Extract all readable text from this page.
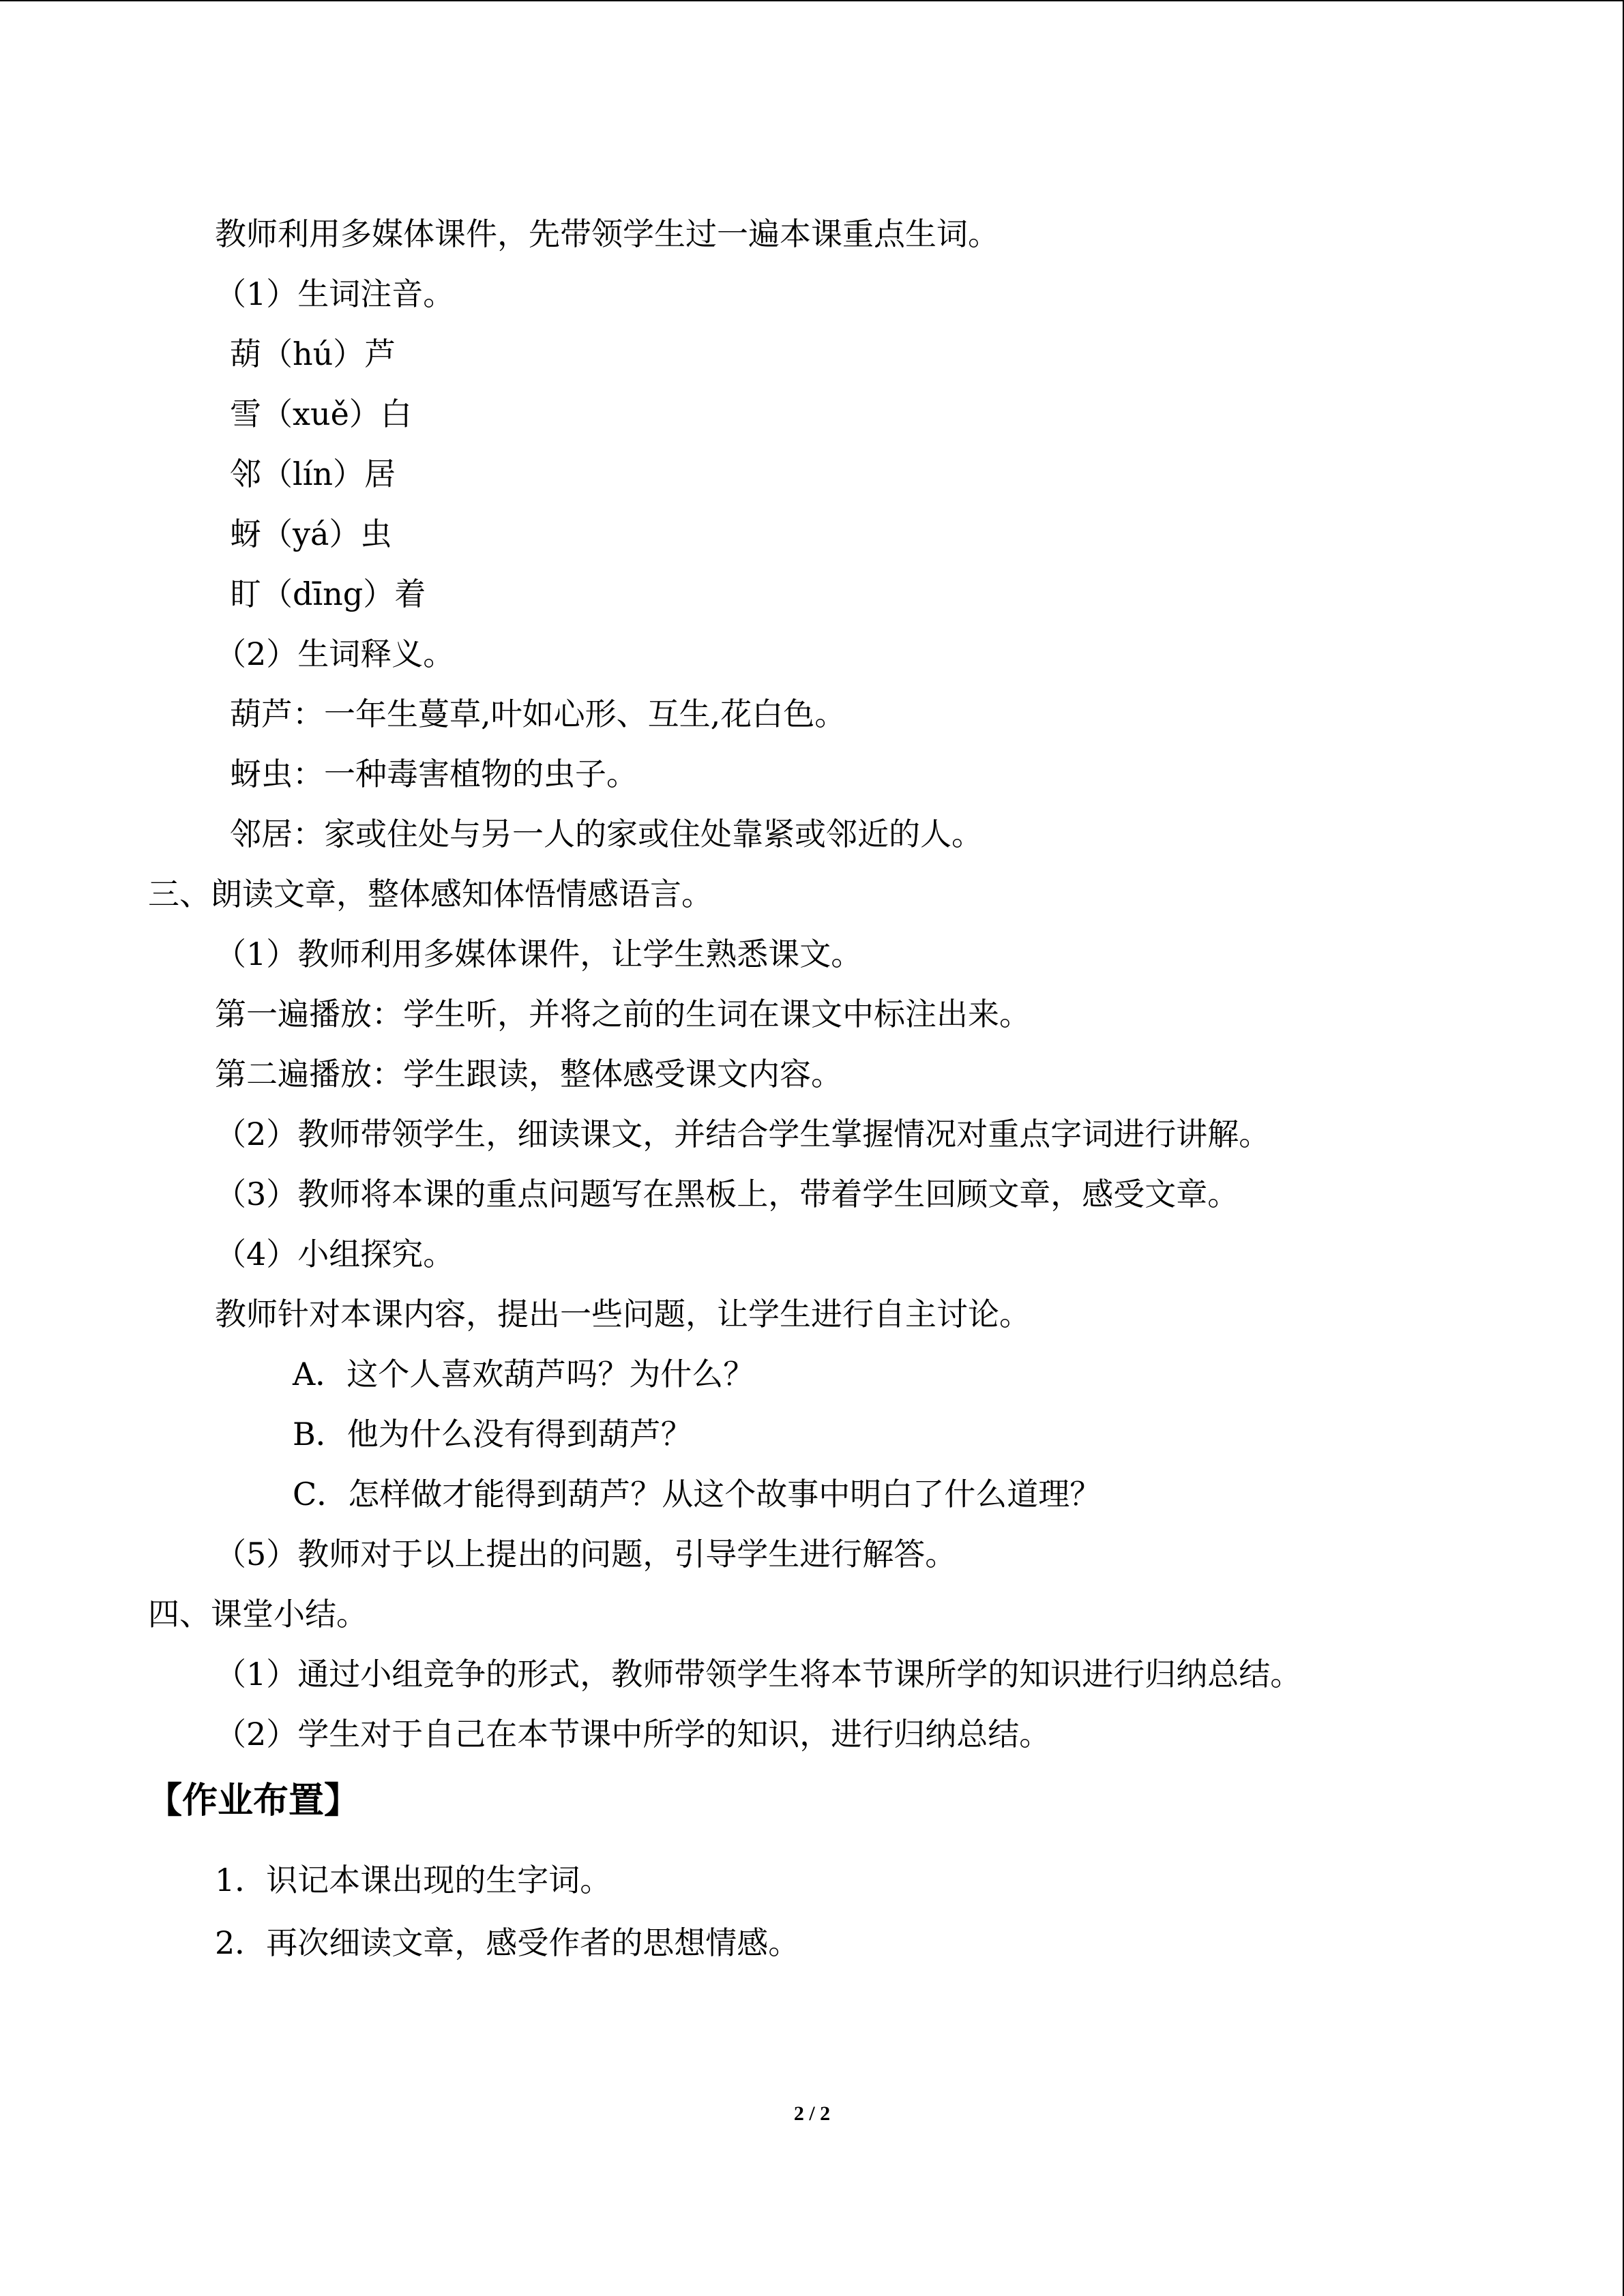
教师利用多媒体课件，先带领学生过一遍本课重点生词。
（1）生词注音。
葫（hú）芦
雪（xuě）白
邻（lín）居
蚜（yá）虫
盯（dīng）着
（2）生词释义。
葫芦：一年生蔓草,叶如心形、互生,花白色。
蚜虫：一种毒害植物的虫子。
邻居：家或住处与另一人的家或住处靠紧或邻近的人。
三、朗读文章，整体感知体悟情感语言。
（1）教师利用多媒体课件，让学生熟悉课文。
第一遍播放：学生听，并将之前的生词在课文中标注出来。
第二遍播放：学生跟读，整体感受课文内容。
（2）教师带领学生，细读课文，并结合学生掌握情况对重点字词进行讲解。
（3）教师将本课的重点问题写在黑板上，带着学生回顾文章，感受文章。
（4）小组探究。
教师针对本课内容，提出一些问题，让学生进行自主讨论。
A．这个人喜欢葫芦吗？为什么？
B．他为什么没有得到葫芦？
C．怎样做才能得到葫芦？从这个故事中明白了什么道理？
（5）教师对于以上提出的问题，引导学生进行解答。
四、课堂小结。
（1）通过小组竞争的形式，教师带领学生将本节课所学的知识进行归纳总结。
（2）学生对于自己在本节课中所学的知识，进行归纳总结。
【作业布置】
1．识记本课出现的生字词。
2．再次细读文章，感受作者的思想情感。
2 / 2
